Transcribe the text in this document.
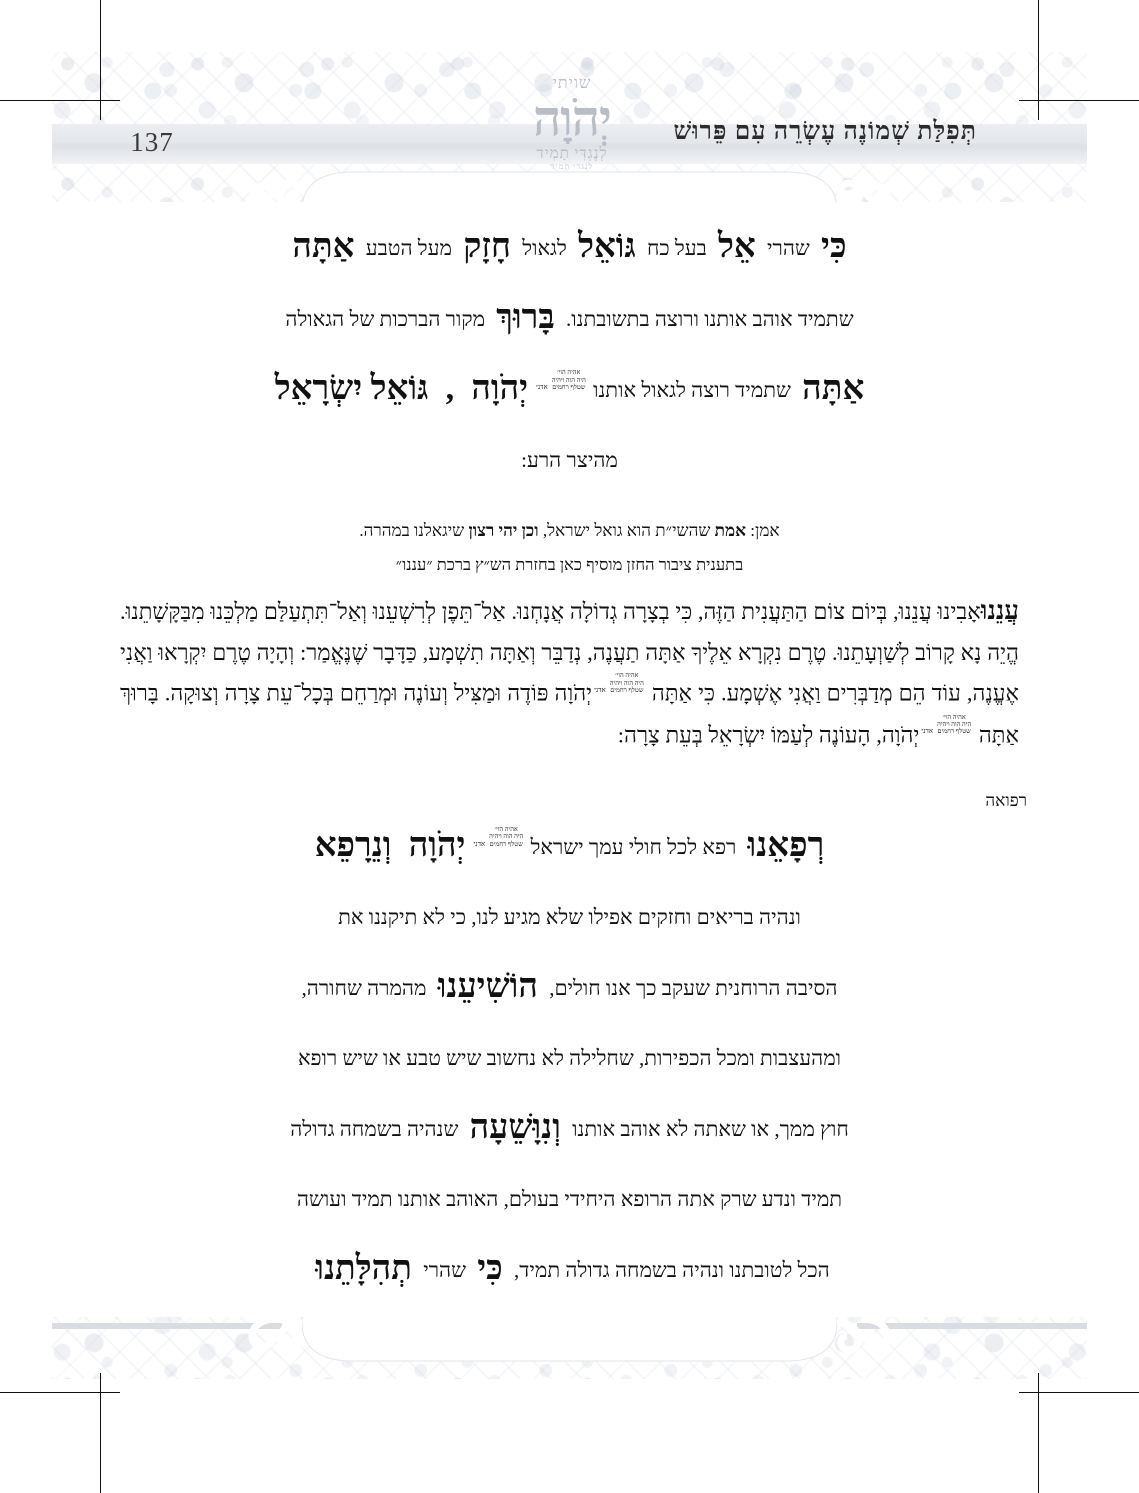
137	תְּפִלַּת שְׁמוֹנֶה עֶשְׂרֵה עִם פֵּרוּשׁ
שויתי
יְהֹוָה
לְנֶגְדִּי תָמִיד
לנגדי תמיד
כִּי שהרי אֵל בעל כח גּוֹאֵל לגאול חָזָק מעל הטבע אַתָּה
שתמיד אוהב אותנו ורוצה בתשובתנו. בָּרוּךְ מקור הברכות של הגאולה
אַתָּה שתמיד רוצה לגאול אותנו אהיה הוי׳
היה הוה ויהיה
שטלף רחמיםאדנייְהֹוָה , גּוֹאֵל יִשְׂרָאֵל
מהיצר הרע:
אמן: אמת שהשי״ת הוא גואל ישראל, וכן יהי רצון שיגאלנו במהרה.
בתענית ציבור החזן מוסיף כאן בחזרת הש״ץ ברכת ״עננו״
עֲנֵנוּאָבִינוּ עֲנֵנוּ, בְּיוֹם צוֹם הַתַּעֲנִית הַזֶּה, כִּי בְצָרָה גְדוֹלָה אֲנָחְנוּ. אַל־תֵּפֶן לְרִשְׁעֵנוּ וְאַל־תִּתְעַלַּם מַלְכֵּנוּ מִבַּקָּשָׁתֵנוּ. הֱיֵה נָא קָרוֹב לְשַׁוְעָתֵנוּ. טֶרֶם נִקְרָא אֵלֶיךָ אַתָּה תַעֲנֶה, נְדַבֵּר וְאַתָּה תִשְׁמָע, כַּדָּבָר שֶׁנֶּאֱמַר: וְהָיָה טֶרֶם יִקְרָאוּ וַאֲנִי אֶעֱנֶה, עוֹד הֵם מְדַבְּרִים וַאֲנִי אֶשְׁמָע. כִּי אַתָּה אהיה הוי׳
היה הוה ויהיה
שטלף רחמיםאדנייְהֹוָה פּוֹדֶה וּמַצִּיל וְעוֹנֶה וּמְרַחֵם בְּכָל־עֵת צָרָה וְצוּקָה. בָּרוּךְ אַתָּה אהיה הוי׳
היה הוה ויהיה
שטלף רחמיםאדנייְהֹוָה, הָעוֹנֶה לְעַמּוֹ יִשְׂרָאֵל בְּעֵת צָרָה:
רפואה
רְפָאֵנוּ רפא לכל חולי עמך ישראל אהיה הוי׳
היה הוה ויהיה
שטלף רחמיםאדנייְהֹוָה וְנֵרָפֵא
ונהיה בריאים וחזקים אפילו שלא מגיע לנו, כי לא תיקננו את
הסיבה הרוחנית שעקב כך אנו חולים, הוֹשִׁיעֵנוּ מהמרה שחורה,
ומהעצבות ומכל הכפירות, שחלילה לא נחשוב שיש טבע או שיש רופא
חוץ ממך, או שאתה לא אוהב אותנו וְנִוָּשֵׁעָה שנהיה בשמחה גדולה
תמיד ונדע שרק אתה הרופא היחידי בעולם, האוהב אותנו תמיד ועושה
הכל לטובתנו ונהיה בשמחה גדולה תמיד, כִּי שהרי תְהִלָּתֵנוּ
